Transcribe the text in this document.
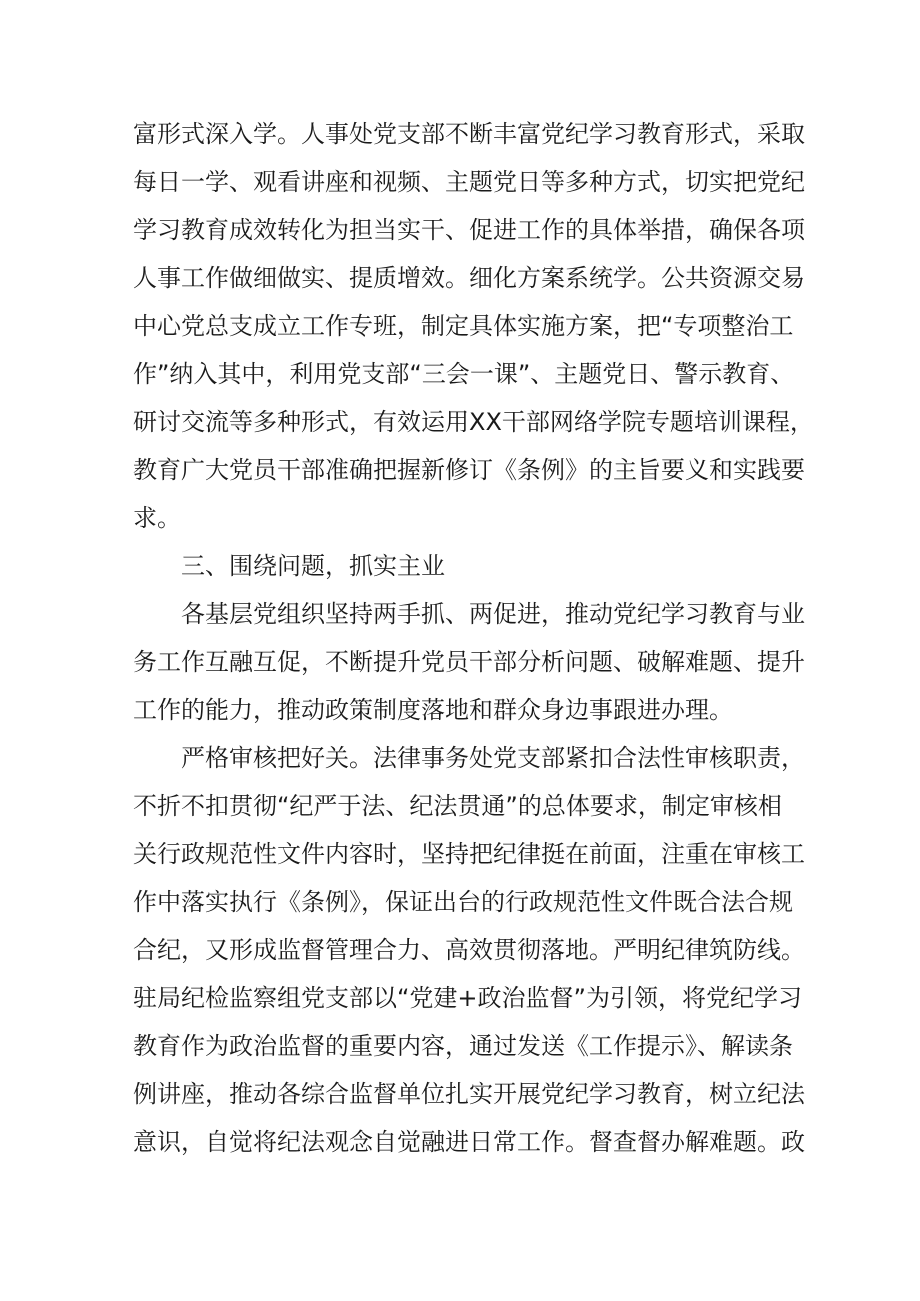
富形式深入学。人事处党支部不断丰富党纪学习教育形式，采取
每日一学、观看讲座和视频、主题党日等多种方式，切实把党纪
学习教育成效转化为担当实干、促进工作的具体举措，确保各项
人事工作做细做实、提质增效。细化方案系统学。公共资源交易
中心党总支成立工作专班，制定具体实施方案，把“专项整治工
作”纳入其中，利用党支部“三会一课”、主题党日、警示教育、
研讨交流等多种形式，有效运用XX干部网络学院专题培训课程，
教育广大党员干部准确把握新修订《条例》的主旨要义和实践要
求。

三、围绕问题，抓实主业

各基层党组织坚持两手抓、两促进，推动党纪学习教育与业
务工作互融互促，不断提升党员干部分析问题、破解难题、提升
工作的能力，推动政策制度落地和群众身边事跟进办理。

严格审核把好关。法律事务处党支部紧扣合法性审核职责，
不折不扣贯彻“纪严于法、纪法贯通”的总体要求，制定审核相
关行政规范性文件内容时，坚持把纪律挺在前面，注重在审核工
作中落实执行《条例》，保证出台的行政规范性文件既合法合规
合纪，又形成监督管理合力、高效贯彻落地。严明纪律筑防线。
驻局纪检监察组党支部以“党建+政治监督”为引领，将党纪学习
教育作为政治监督的重要内容，通过发送《工作提示》、解读条
例讲座，推动各综合监督单位扎实开展党纪学习教育，树立纪法
意识，自觉将纪法观念自觉融进日常工作。督查督办解难题。政
